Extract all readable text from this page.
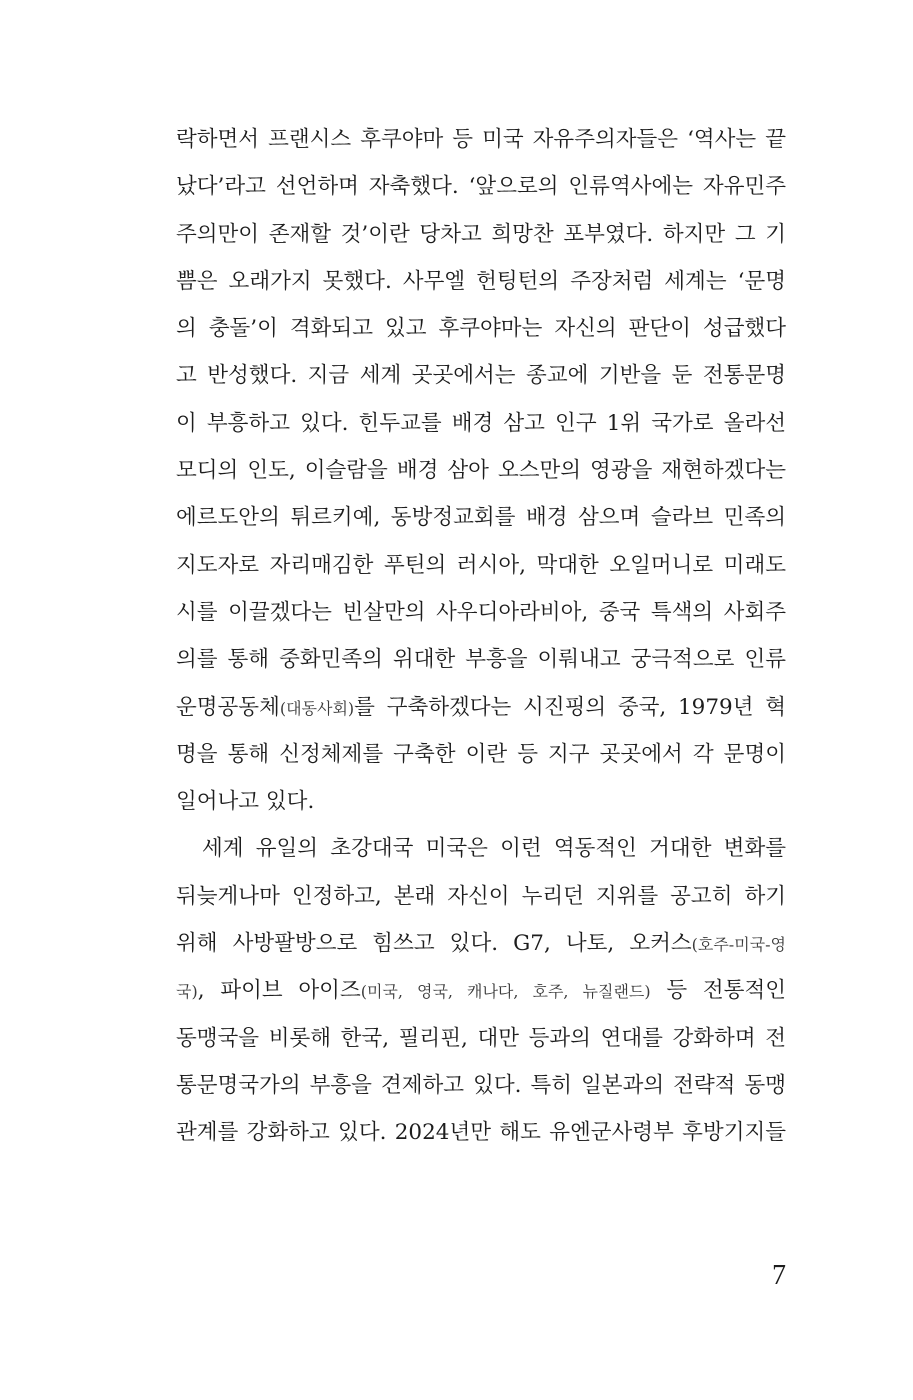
락하면서 프랜시스 후쿠야마 등 미국 자유주의자들은 ‘역사는 끝
났다’라고 선언하며 자축했다. ‘앞으로의 인류역사에는 자유민주
주의만이 존재할 것’이란 당차고 희망찬 포부였다. 하지만 그 기
쁨은 오래가지 못했다. 사무엘 헌팅턴의 주장처럼 세계는 ‘문명
의 충돌’이 격화되고 있고 후쿠야마는 자신의 판단이 성급했다
고 반성했다. 지금 세계 곳곳에서는 종교에 기반을 둔 전통문명
이 부흥하고 있다. 힌두교를 배경 삼고 인구 1위 국가로 올라선
모디의 인도, 이슬람을 배경 삼아 오스만의 영광을 재현하겠다는
에르도안의 튀르키예, 동방정교회를 배경 삼으며 슬라브 민족의
지도자로 자리매김한 푸틴의 러시아, 막대한 오일머니로 미래도
시를 이끌겠다는 빈살만의 사우디아라비아, 중국 특색의 사회주
의를 통해 중화민족의 위대한 부흥을 이뤄내고 궁극적으로 인류
운명공동체(대동사회)를 구축하겠다는 시진핑의 중국, 1979년 혁
명을 통해 신정체제를 구축한 이란 등 지구 곳곳에서 각 문명이
일어나고 있다.
세계 유일의 초강대국 미국은 이런 역동적인 거대한 변화를
뒤늦게나마 인정하고, 본래 자신이 누리던 지위를 공고히 하기
위해 사방팔방으로 힘쓰고 있다. G7, 나토, 오커스(호주-미국-영
국), 파이브 아이즈(미국, 영국, 캐나다, 호주, 뉴질랜드) 등 전통적인
동맹국을 비롯해 한국, 필리핀, 대만 등과의 연대를 강화하며 전
통문명국가의 부흥을 견제하고 있다. 특히 일본과의 전략적 동맹
관계를 강화하고 있다. 2024년만 해도 유엔군사령부 후방기지들
7
